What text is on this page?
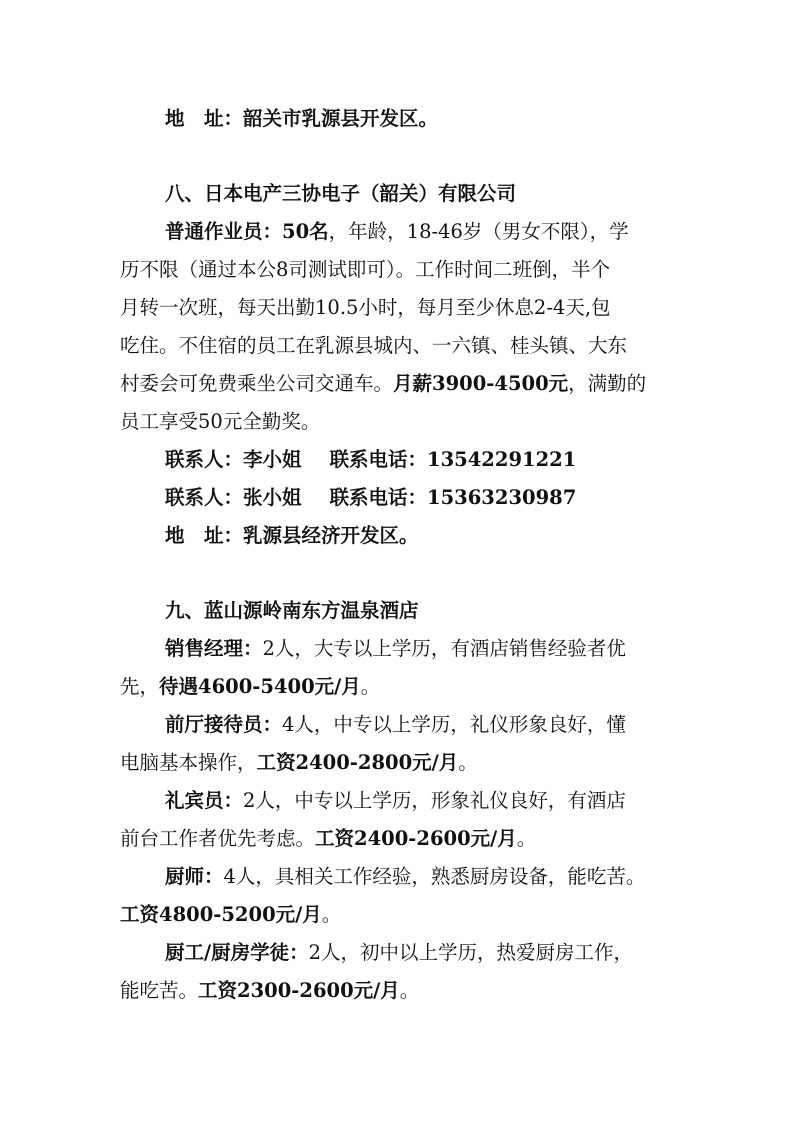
地　址：韶关市乳源县开发区。
八、日本电产三协电子（韶关）有限公司
普通作业员：50名，年龄，18-46岁（男女不限），学
历不限（通过本公8司测试即可）。工作时间二班倒，半个
月转一次班，每天出勤10.5小时，每月至少休息2-4天,包
吃住。不住宿的员工在乳源县城内、一六镇、桂头镇、大东
村委会可免费乘坐公司交通车。月薪3900-4500元，满勤的
员工享受50元全勤奖。
联系人：李小姐 联系电话：13542291221
联系人：张小姐 联系电话：15363230987
地　址：乳源县经济开发区。
九、蓝山源岭南东方温泉酒店
销售经理：2人，大专以上学历，有酒店销售经验者优
先，待遇4600-5400元/月。
前厅接待员：4人，中专以上学历，礼仪形象良好，懂
电脑基本操作，工资2400-2800元/月。
礼宾员：2人，中专以上学历，形象礼仪良好，有酒店
前台工作者优先考虑。工资2400-2600元/月。
厨师：4人，具相关工作经验，熟悉厨房设备，能吃苦。
工资4800-5200元/月。
厨工/厨房学徒：2人，初中以上学历，热爱厨房工作，
能吃苦。工资2300-2600元/月。
